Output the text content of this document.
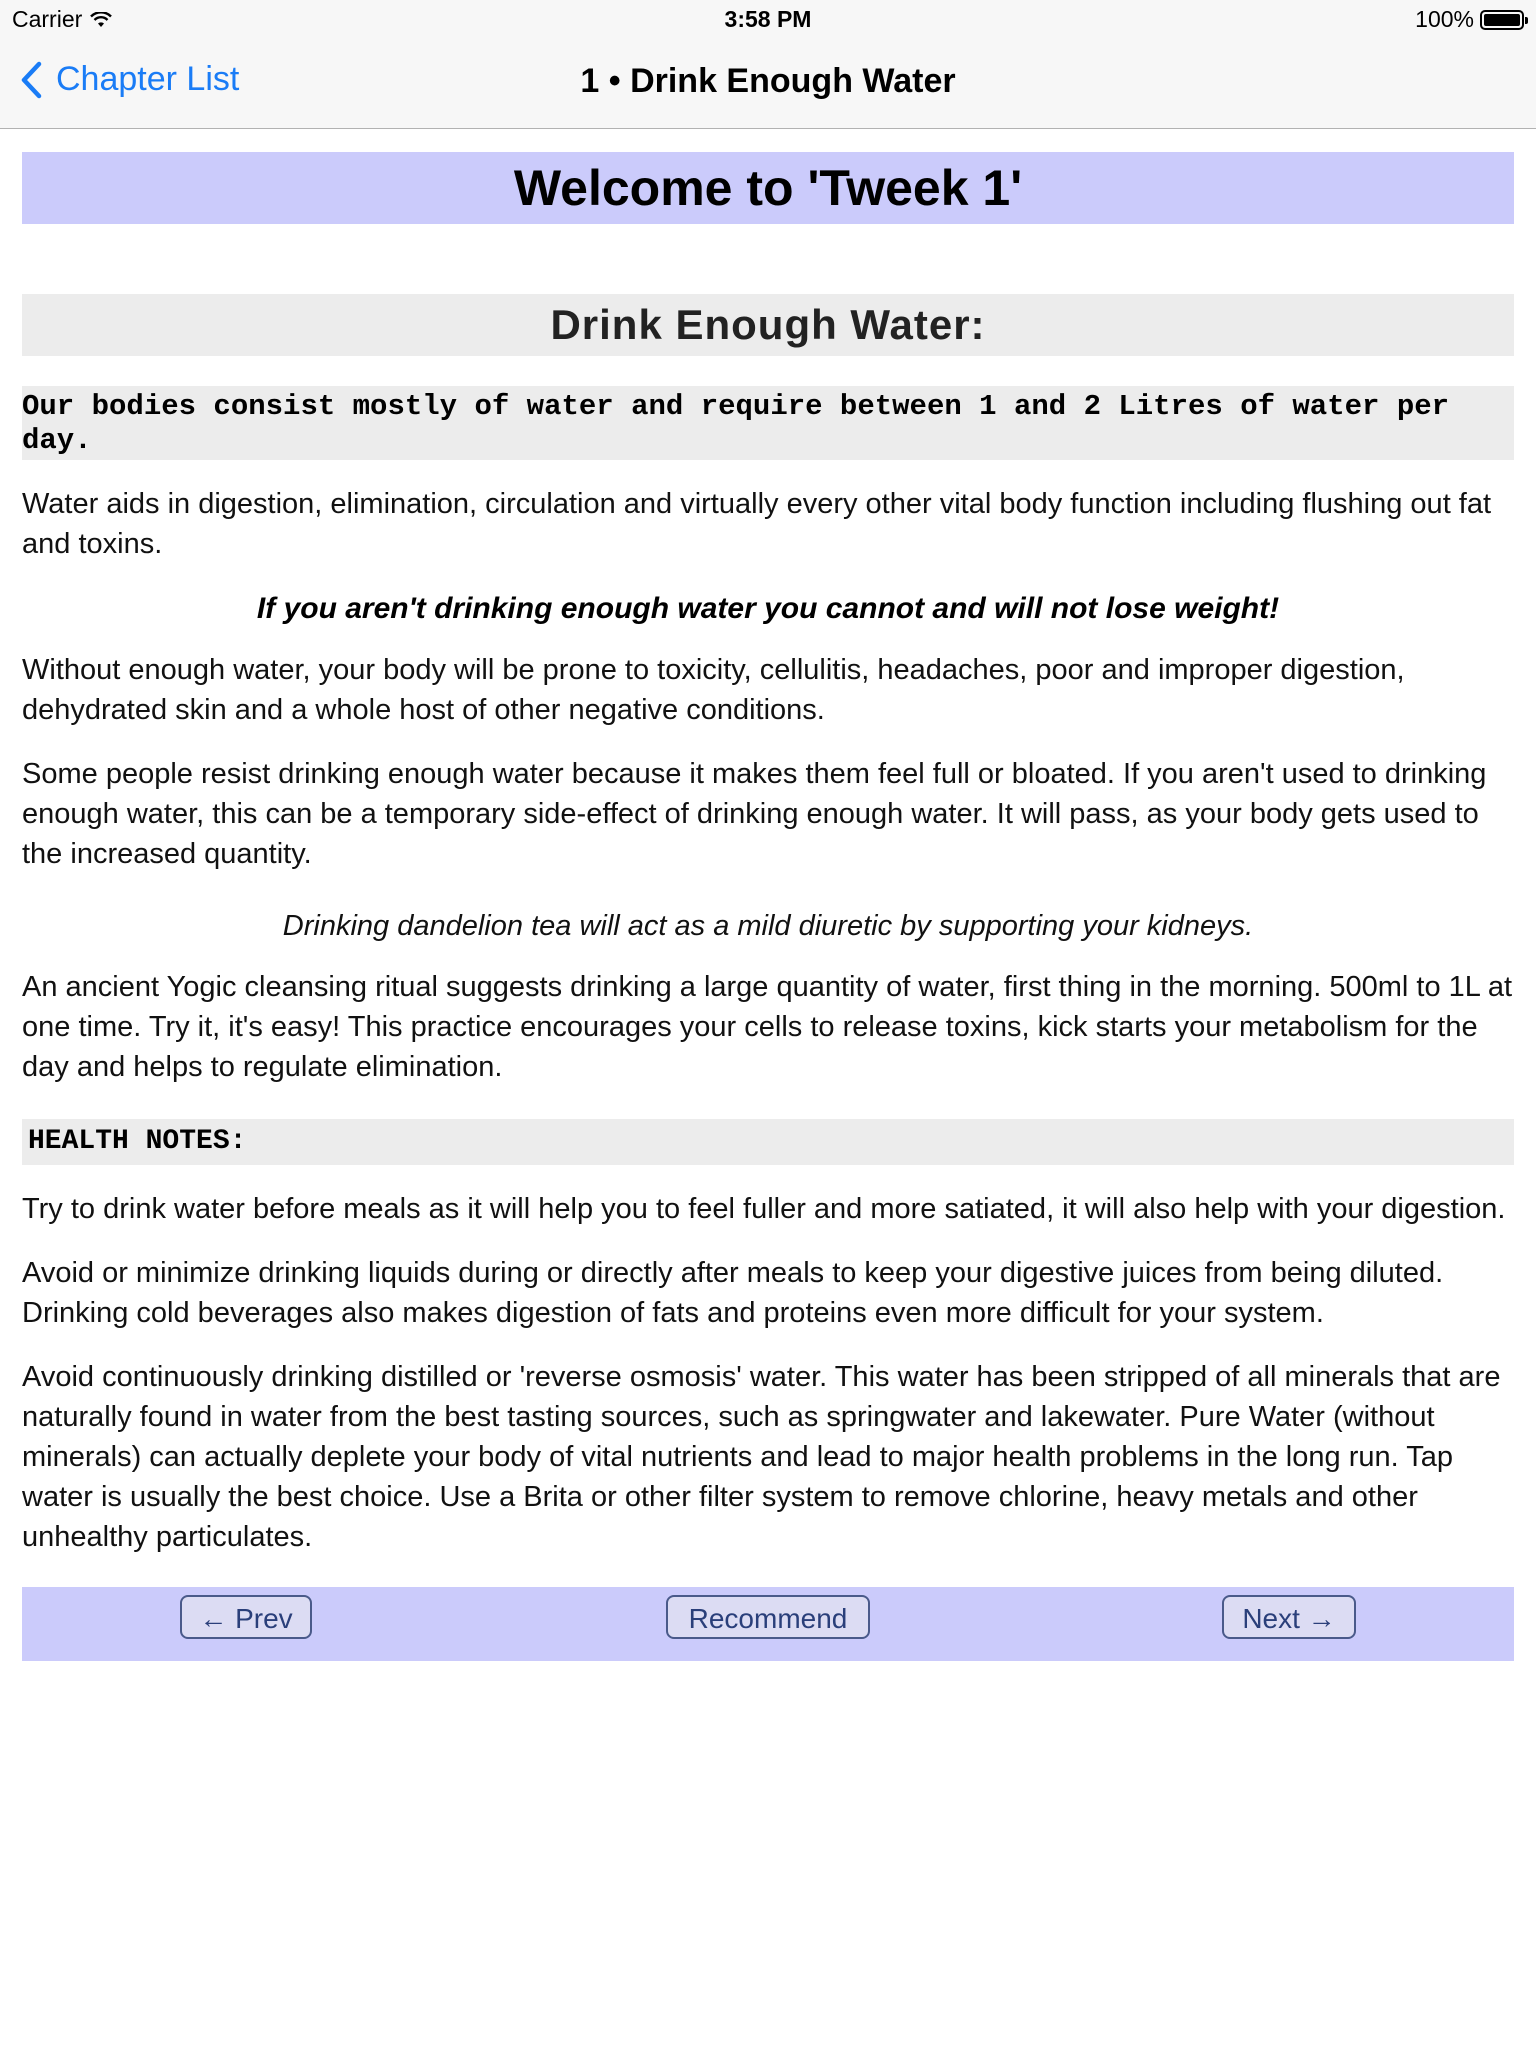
Carrier	3:58 PM	100%
Chapter List	1 • Drink Enough Water
Welcome to 'Tweek 1'
Drink Enough Water:
Our bodies consist mostly of water and require between 1 and 2 Litres of water per day.

Water aids in digestion, elimination, circulation and virtually every other vital body function including flushing out fat and toxins.

If you aren't drinking enough water you cannot and will not lose weight!

Without enough water, your body will be prone to toxicity, cellulitis, headaches, poor and improper digestion, dehydrated skin and a whole host of other negative conditions.

Some people resist drinking enough water because it makes them feel full or bloated. If you aren't used to drinking enough water, this can be a temporary side-effect of drinking enough water. It will pass, as your body gets used to the increased quantity.

Drinking dandelion tea will act as a mild diuretic by supporting your kidneys.

An ancient Yogic cleansing ritual suggests drinking a large quantity of water, first thing in the morning. 500ml to 1L at one time. Try it, it's easy! This practice encourages your cells to release toxins, kick starts your metabolism for the day and helps to regulate elimination.

HEALTH NOTES:

Try to drink water before meals as it will help you to feel fuller and more satiated, it will also help with your digestion.

Avoid or minimize drinking liquids during or directly after meals to keep your digestive juices from being diluted. Drinking cold beverages also makes digestion of fats and proteins even more difficult for your system.

Avoid continuously drinking distilled or 'reverse osmosis' water. This water has been stripped of all minerals that are naturally found in water from the best tasting sources, such as springwater and lakewater. Pure Water (without minerals) can actually deplete your body of vital nutrients and lead to major health problems in the long run. Tap water is usually the best choice. Use a Brita or other filter system to remove chlorine, heavy metals and other unhealthy particulates.

← Prev	Recommend	Next →
